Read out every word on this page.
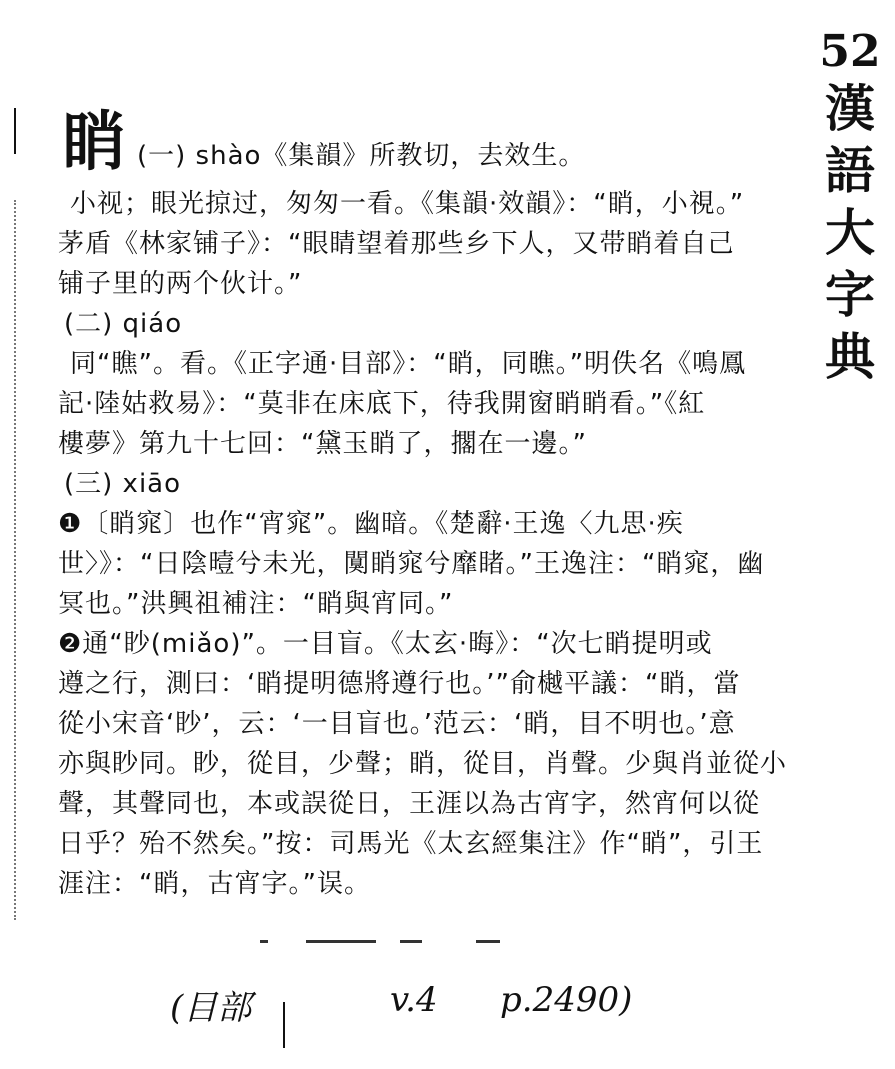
52
漢
語
大
字
典
睄 (一) shào《集韻》所教切，去效生。
小视；眼光掠过，匆匆一看。《集韻·效韻》：“睄，小視。”
茅盾《林家铺子》：“眼睛望着那些乡下人，又带睄着自己
铺子里的两个伙计。”
(二) qiáo
同“瞧”。看。《正字通·目部》：“睄，同瞧。”明佚名《鳴鳳
記·陸姑救易》：“莫非在床底下，待我開窗睄睄看。”《紅
樓夢》第九十七回：“黛玉睄了，擱在一邊。”
(三) xiāo
❶〔睄窕〕也作“宵窕”。幽暗。《楚辭·王逸〈九思·疾
世〉》：“日陰曀兮未光，闃睄窕兮靡睹。”王逸注：“睄窕，幽
冥也。”洪興祖補注：“睄與宵同。”
❷通“眇(miǎo)”。一目盲。《太玄·晦》：“次七睄提明或
遵之行，測曰：‘睄提明德將遵行也。’”俞樾平議：“睄，當
從小宋音‘眇’，云：‘一目盲也。’范云：‘睄，目不明也。’意
亦與眇同。眇，從目，少聲；睄，從目，肖聲。少與肖並從小
聲，其聲同也，本或誤從日，王涯以為古宵字，然宵何以從
日乎？殆不然矣。”按：司馬光《太玄經集注》作“睄”，引王
涯注：“睄，古宵字。”误。
(目部	v.4 p.2490)
